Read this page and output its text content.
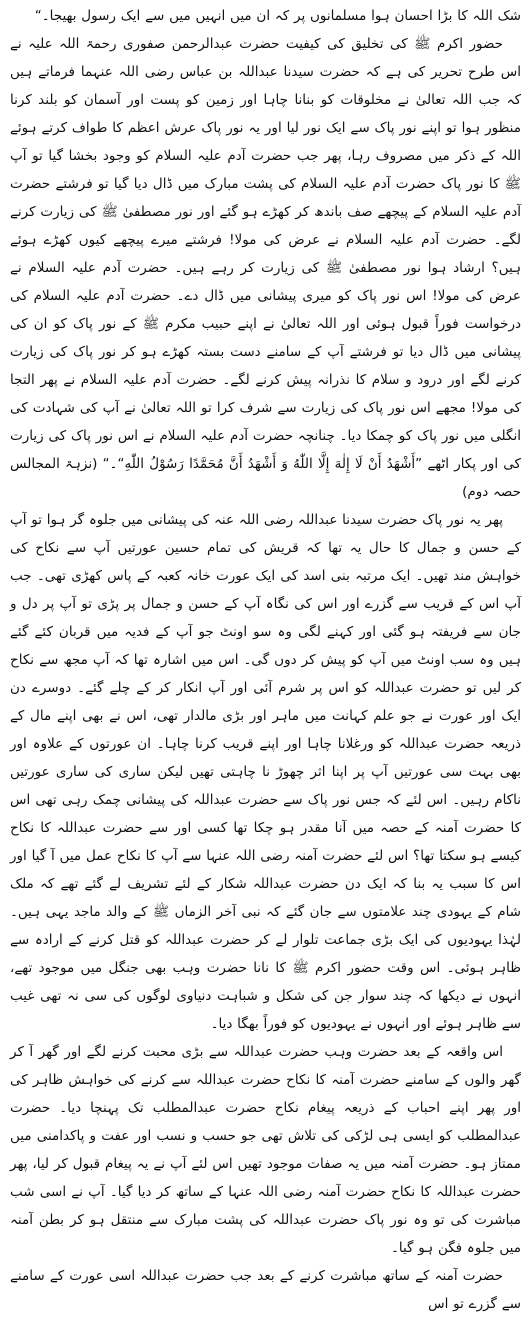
شک اللہ کا بڑا احسان ہوا مسلمانوں پر کہ ان میں انہیں میں سے ایک رسول بھیجا۔“

حضور اکرم ﷺ کی تخلیق کی کیفیت حضرت عبدالرحمن صفوری رحمۃ اللہ علیہ نے اس طرح تحریر کی ہے کہ حضرت سیدنا عبداللہ بن عباس رضی اللہ عنہما فرماتے ہیں کہ جب اللہ تعالیٰ نے مخلوقات کو بنانا چاہا اور زمین کو پست اور آسمان کو بلند کرنا منظور ہوا تو اپنے نور پاک سے ایک نور لیا اور یہ نور پاک عرش اعظم کا طواف کرتے ہوئے اللہ کے ذکر میں مصروف رہا، پھر جب حضرت آدم علیہ السلام کو وجود بخشا گیا تو آپ ﷺ کا نور پاک حضرت آدم علیہ السلام کی پشت مبارک میں ڈال دیا گیا تو فرشتے حضرت آدم علیہ السلام کے پیچھے صف باندھ کر کھڑے ہو گئے اور نور مصطفیٰ ﷺ کی زیارت کرنے لگے۔ حضرت آدم علیہ السلام نے عرض کی مولا! فرشتے میرے پیچھے کیوں کھڑے ہوئے ہیں؟ ارشاد ہوا نور مصطفیٰ ﷺ کی زیارت کر رہے ہیں۔ حضرت آدم علیہ السلام نے عرض کی مولا! اس نور پاک کو میری پیشانی میں ڈال دے۔ حضرت آدم علیہ السلام کی درخواست فوراً قبول ہوئی اور اللہ تعالیٰ نے اپنے حبیب مکرم ﷺ کے نور پاک کو ان کی پیشانی میں ڈال دیا تو فرشتے آپ کے سامنے دست بستہ کھڑے ہو کر نور پاک کی زیارت کرنے لگے اور درود و سلام کا نذرانہ پیش کرنے لگے۔ حضرت آدم علیہ السلام نے پھر التجا کی مولا! مجھے اس نور پاک کی زیارت سے شرف کرا تو اللہ تعالیٰ نے آپ کی شہادت کی انگلی میں نور پاک کو چمکا دیا۔ چنانچہ حضرت آدم علیہ السلام نے اس نور پاک کی زیارت کی اور پکار اٹھے ”أَشْهَدُ أَنْ لَا إِلٰهَ إِلَّا اللّٰهُ وَ أَشْهَدُ أَنَّ مُحَمَّدًا رَسُوْلُ اللّٰهِ“۔“ (نزہۃ المجالس حصہ دوم)

پھر یہ نور پاک حضرت سیدنا عبداللہ رضی اللہ عنہ کی پیشانی میں جلوہ گر ہوا تو آپ کے حسن و جمال کا حال یہ تھا کہ قریش کی تمام حسین عورتیں آپ سے نکاح کی خواہش مند تھیں۔ ایک مرتبہ بنی اسد کی ایک عورت خانہ کعبہ کے پاس کھڑی تھی۔ جب آپ اس کے قریب سے گزرے اور اس کی نگاہ آپ کے حسن و جمال پر پڑی تو آپ پر دل و جان سے فریفتہ ہو گئی اور کہنے لگی وہ سو اونٹ جو آپ کے فدیہ میں قربان کئے گئے ہیں وہ سب اونٹ میں آپ کو پیش کر دوں گی۔ اس میں اشارہ تھا کہ آپ مجھ سے نکاح کر لیں تو حضرت عبداللہ کو اس پر شرم آئی اور آپ انکار کر کے چلے گئے۔ دوسرے دن ایک اور عورت نے جو علم کہانت میں ماہر اور بڑی مالدار تھی، اس نے بھی اپنے مال کے ذریعہ حضرت عبداللہ کو ورغلانا چاہا اور اپنے قریب کرنا چاہا۔ ان عورتوں کے علاوہ اور بھی بہت سی عورتیں آپ پر اپنا اثر چھوڑ نا چاہتی تھیں لیکن ساری کی ساری عورتیں ناکام رہیں۔ اس لئے کہ جس نور پاک سے حضرت عبداللہ کی پیشانی چمک رہی تھی اس کا حضرت آمنہ کے حصہ میں آنا مقدر ہو چکا تھا کسی اور سے حضرت عبداللہ کا نکاح کیسے ہو سکتا تھا؟ اس لئے حضرت آمنہ رضی اللہ عنہا سے آپ کا نکاح عمل میں آ گیا اور اس کا سبب یہ بنا کہ ایک دن حضرت عبداللہ شکار کے لئے تشریف لے گئے تھے کہ ملک شام کے یہودی چند علامتوں سے جان گئے کہ نبی آخر الزماں ﷺ کے والد ماجد یہی ہیں۔ لہٰذا یہودیوں کی ایک بڑی جماعت تلوار لے کر حضرت عبداللہ کو قتل کرنے کے ارادہ سے ظاہر ہوئی۔ اس وقت حضور اکرم ﷺ کا نانا حضرت وہب بھی جنگل میں موجود تھے، انہوں نے دیکھا کہ چند سوار جن کی شکل و شباہت دنیاوی لوگوں کی سی نہ تھی غیب سے ظاہر ہوئے اور انہوں نے یہودیوں کو فوراً بھگا دیا۔

اس واقعہ کے بعد حضرت وہب حضرت عبداللہ سے بڑی محبت کرنے لگے اور گھر آ کر گھر والوں کے سامنے حضرت آمنہ کا نکاح حضرت عبداللہ سے کرنے کی خواہش ظاہر کی اور پھر اپنے احباب کے ذریعہ پیغام نکاح حضرت عبدالمطلب تک پہنچا دیا۔ حضرت عبدالمطلب کو ایسی ہی لڑکی کی تلاش تھی جو حسب و نسب اور عفت و پاکدامنی میں ممتاز ہو۔ حضرت آمنہ میں یہ صفات موجود تھیں اس لئے آپ نے یہ پیغام قبول کر لیا، پھر حضرت عبداللہ کا نکاح حضرت آمنہ رضی اللہ عنہا کے ساتھ کر دیا گیا۔ آپ نے اسی شب مباشرت کی تو وہ نور پاک حضرت عبداللہ کی پشت مبارک سے منتقل ہو کر بطن آمنہ میں جلوہ فگن ہو گیا۔

حضرت آمنہ کے ساتھ مباشرت کرنے کے بعد جب حضرت عبداللہ اسی عورت کے سامنے سے گزرے تو اس
